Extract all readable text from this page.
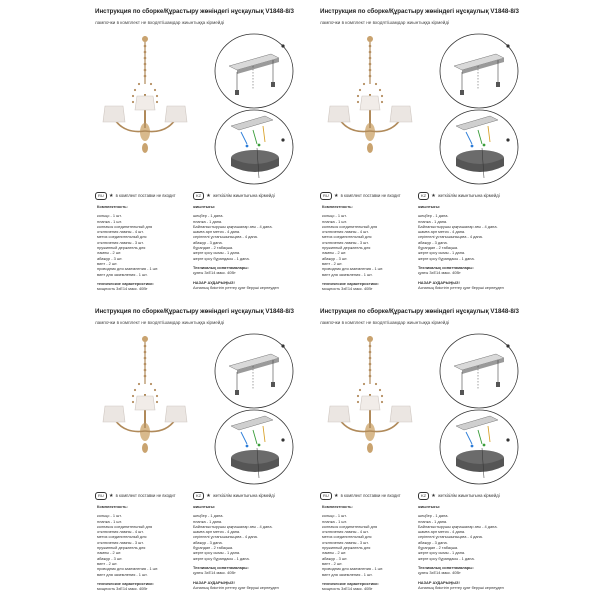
Инструкция по сборке/Құрастыру жөніндегі нұсқаулық V1848-8/3
лампочки в комплект не входят/шамдар жиынтыққа кірмейді
RU ★ в комплект поставки не входит	KZ ★ жеткізілім жиынтығына кірмейді
Комплектность:
кольцо - 1 шт.
планка - 1 шт.
колпачок соединительный для
отключения лампы - 4 шт.
метиз соединительный для
отключения лампы - 3 шт.
пружинный держатель для
лампы - 2 шт.
абажур - 3 шт.
винт - 2 шт.
проводник для заземления - 1 шт.
винт для заземления - 1 шт.
технические характеристики:
мощность 3хЕ14 макс. 40Вт
жиынтығы:
шеңбер - 1 дана.
планка - 1 дана.
Байланыстырушы қақпашалар ағы - 4 дана.
шамға арн метиз - 4 дана.
серіппелі ұстағышыныңаға - 4 дана.
абажур - 3 дана.
бұрандап - 2 табақша.
жерге қосу сымы - 1 дана.
жерге қосу бұрандасы - 1 дана.
Техникалық сипаттамалары:
қуаты 3хЕ14 макс. 40Вт
НАЗАР АУДАРЫҢЫЗ!
Аспаның биіктігін реттеу қуат беруші кернеуден
Инструкция по сборке/Құрастыру жөніндегі нұсқаулық V1848-8/3
лампочки в комплект не входят/шамдар жиынтыққа кірмейді
RU ★ в комплект поставки не входит	KZ ★ жеткізілім жиынтығына кірмейді
Комплектность:
кольцо - 1 шт.
планка - 1 шт.
колпачок соединительный для
отключения лампы - 4 шт.
метиз соединительный для
отключения лампы - 3 шт.
пружинный держатель для
лампы - 2 шт.
абажур - 3 шт.
винт - 2 шт.
проводник для заземления - 1 шт.
винт для заземления - 1 шт.
технические характеристики:
мощность 3хЕ14 макс. 40Вт
жиынтығы:
шеңбер - 1 дана.
планка - 1 дана.
Байланыстырушы қақпашалар ағы - 4 дана.
шамға арн метиз - 4 дана.
серіппелі ұстағышыныңаға - 4 дана.
абажур - 3 дана.
бұрандап - 2 табақша.
жерге қосу сымы - 1 дана.
жерге қосу бұрандасы - 1 дана.
Техникалық сипаттамалары:
қуаты 3хЕ14 макс. 40Вт
НАЗАР АУДАРЫҢЫЗ!
Аспаның биіктігін реттеу қуат беруші кернеуден
Инструкция по сборке/Құрастыру жөніндегі нұсқаулық V1848-8/3
лампочки в комплект не входят/шамдар жиынтыққа кірмейді
RU ★ в комплект поставки не входит	KZ ★ жеткізілім жиынтығына кірмейді
Комплектность:
кольцо - 1 шт.
планка - 1 шт.
колпачок соединительный для
отключения лампы - 4 шт.
метиз соединительный для
отключения лампы - 3 шт.
пружинный держатель для
лампы - 2 шт.
абажур - 3 шт.
винт - 2 шт.
проводник для заземления - 1 шт.
винт для заземления - 1 шт.
технические характеристики:
мощность 3хЕ14 макс. 40Вт
жиынтығы:
шеңбер - 1 дана.
планка - 1 дана.
Байланыстырушы қақпашалар ағы - 4 дана.
шамға арн метиз - 4 дана.
серіппелі ұстағышыныңаға - 4 дана.
абажур - 3 дана.
бұрандап - 2 табақша.
жерге қосу сымы - 1 дана.
жерге қосу бұрандасы - 1 дана.
Техникалық сипаттамалары:
қуаты 3хЕ14 макс. 40Вт
НАЗАР АУДАРЫҢЫЗ!
Аспаның биіктігін реттеу қуат беруші кернеуден
Инструкция по сборке/Құрастыру жөніндегі нұсқаулық V1848-8/3
лампочки в комплект не входят/шамдар жиынтыққа кірмейді
RU ★ в комплект поставки не входит	KZ ★ жеткізілім жиынтығына кірмейді
Комплектность:
кольцо - 1 шт.
планка - 1 шт.
колпачок соединительный для
отключения лампы - 4 шт.
метиз соединительный для
отключения лампы - 3 шт.
пружинный держатель для
лампы - 2 шт.
абажур - 3 шт.
винт - 2 шт.
проводник для заземления - 1 шт.
винт для заземления - 1 шт.
технические характеристики:
мощность 3хЕ14 макс. 40Вт
жиынтығы:
шеңбер - 1 дана.
планка - 1 дана.
Байланыстырушы қақпашалар ағы - 4 дана.
шамға арн метиз - 4 дана.
серіппелі ұстағышыныңаға - 4 дана.
абажур - 3 дана.
бұрандап - 2 табақша.
жерге қосу сымы - 1 дана.
жерге қосу бұрандасы - 1 дана.
Техникалық сипаттамалары:
қуаты 3хЕ14 макс. 40Вт
НАЗАР АУДАРЫҢЫЗ!
Аспаның биіктігін реттеу қуат беруші кернеуден
